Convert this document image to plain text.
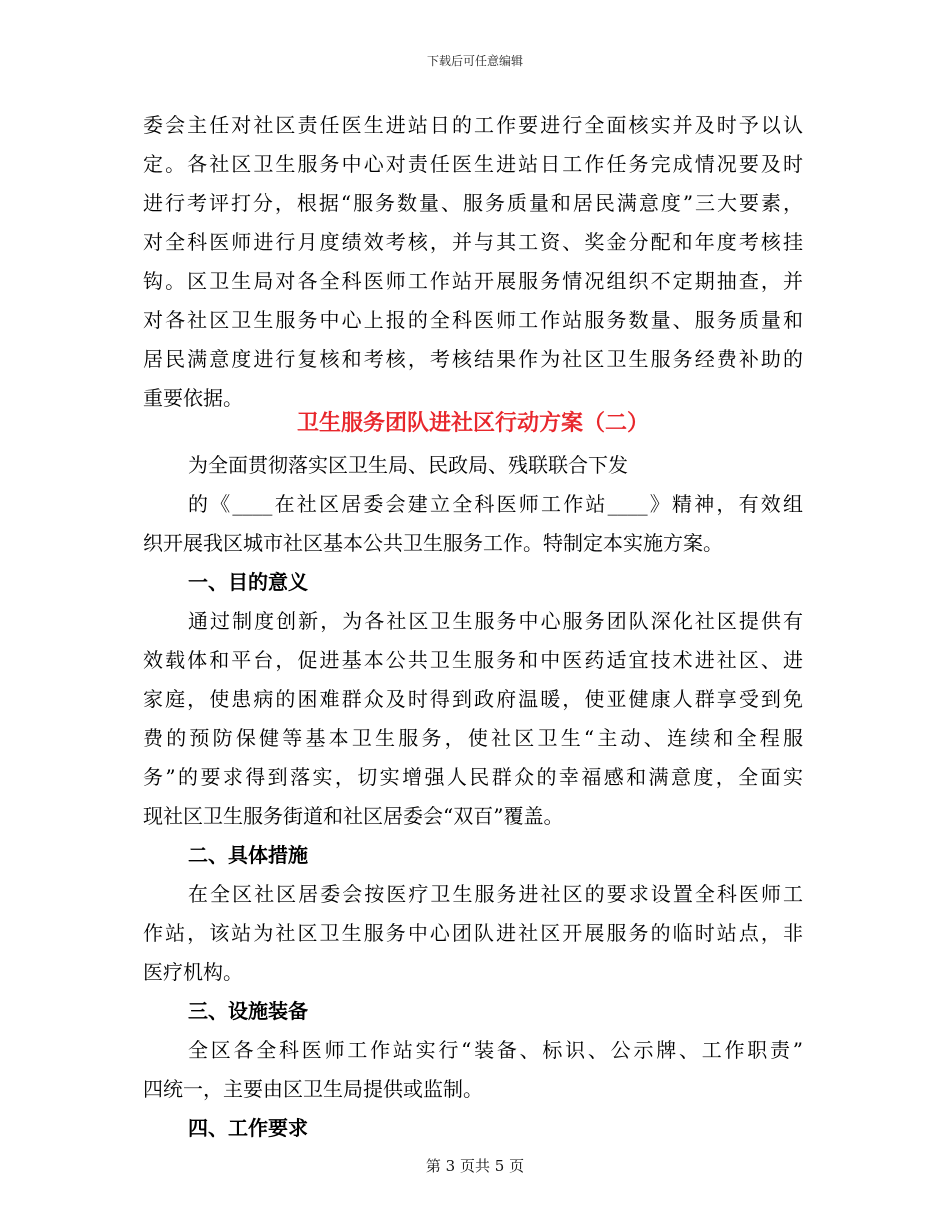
下载后可任意编辑
委会主任对社区责任医生进站日的工作要进行全面核实并及时予以认
定。各社区卫生服务中心对责任医生进站日工作任务完成情况要及时
进行考评打分，根据“服务数量、服务质量和居民满意度”三大要素，
对全科医师进行月度绩效考核，并与其工资、奖金分配和年度考核挂
钩。区卫生局对各全科医师工作站开展服务情况组织不定期抽查，并
对各社区卫生服务中心上报的全科医师工作站服务数量、服务质量和
居民满意度进行复核和考核，考核结果作为社区卫生服务经费补助的
重要依据。
卫生服务团队进社区行动方案（二）
为全面贯彻落实区卫生局、民政局、残联联合下发
的《____在社区居委会建立全科医师工作站____》精神，有效组
织开展我区城市社区基本公共卫生服务工作。特制定本实施方案。
一、目的意义
通过制度创新，为各社区卫生服务中心服务团队深化社区提供有
效载体和平台，促进基本公共卫生服务和中医药适宜技术进社区、进
家庭，使患病的困难群众及时得到政府温暖，使亚健康人群享受到免
费的预防保健等基本卫生服务，使社区卫生“主动、连续和全程服
务”的要求得到落实，切实增强人民群众的幸福感和满意度，全面实
现社区卫生服务街道和社区居委会“双百”覆盖。
二、具体措施
在全区社区居委会按医疗卫生服务进社区的要求设置全科医师工
作站，该站为社区卫生服务中心团队进社区开展服务的临时站点，非
医疗机构。
三、设施装备
全区各全科医师工作站实行“装备、标识、公示牌、工作职责”
四统一，主要由区卫生局提供或监制。
四、工作要求
第 3 页共 5 页
